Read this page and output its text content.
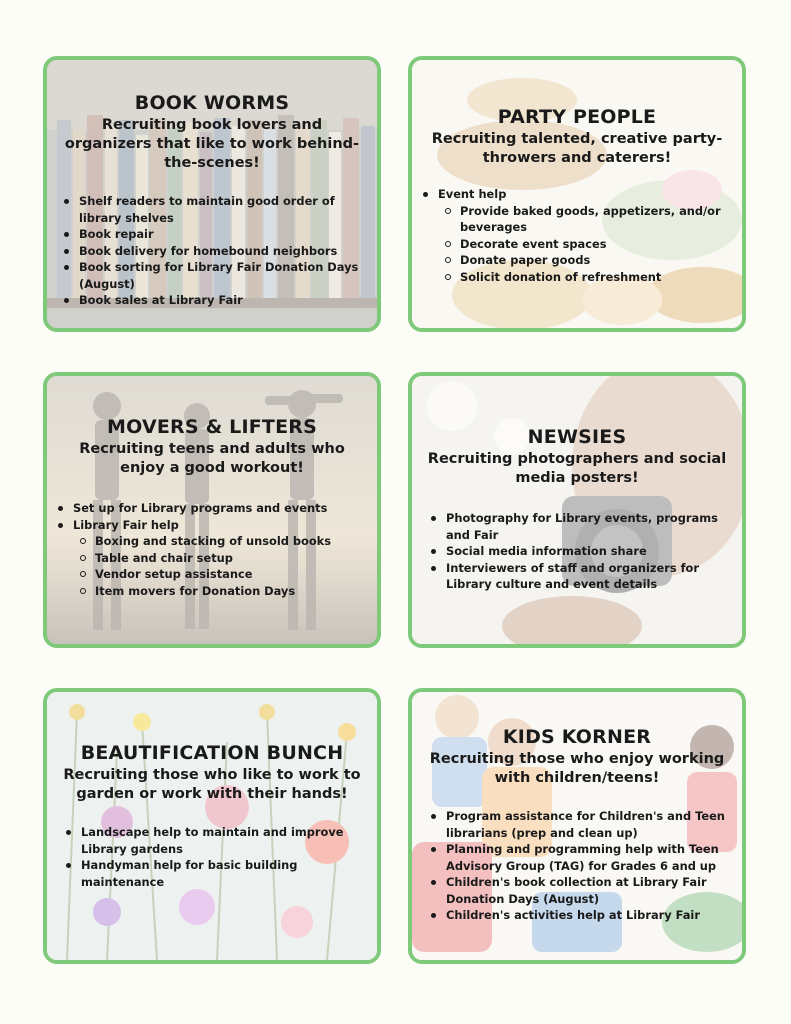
BOOK WORMS

Recruiting book lovers and organizers that like to work behind-the-scenes!

Shelf readers to maintain good order of library shelves
Book repair
Book delivery for homebound neighbors
Book sorting for Library Fair Donation Days (August)
Book sales at Library Fair
PARTY PEOPLE

Recruiting talented, creative party-throwers and caterers!

Event help
Provide baked goods, appetizers, and/or beverages
Decorate event spaces
Donate paper goods
Solicit donation of refreshment
MOVERS & LIFTERS

Recruiting teens and adults who enjoy a good workout!

Set up for Library programs and events
Library Fair help
Boxing and stacking of unsold books
Table and chair setup
Vendor setup assistance
Item movers for Donation Days
NEWSIES

Recruiting photographers and social media posters!

Photography for Library events, programs and Fair
Social media information share
Interviewers of staff and organizers for Library culture and event details
BEAUTIFICATION BUNCH

Recruiting those who like to work to garden or work with their hands!

Landscape help to maintain and improve Library gardens
Handyman help for basic building maintenance
KIDS KORNER

Recruiting those who enjoy working with children/teens!

Program assistance for Children's and Teen librarians (prep and clean up)
Planning and programming help with Teen Advisory Group (TAG) for Grades 6 and up
Children's book collection at Library Fair Donation Days (August)
Children's activities help at Library Fair
